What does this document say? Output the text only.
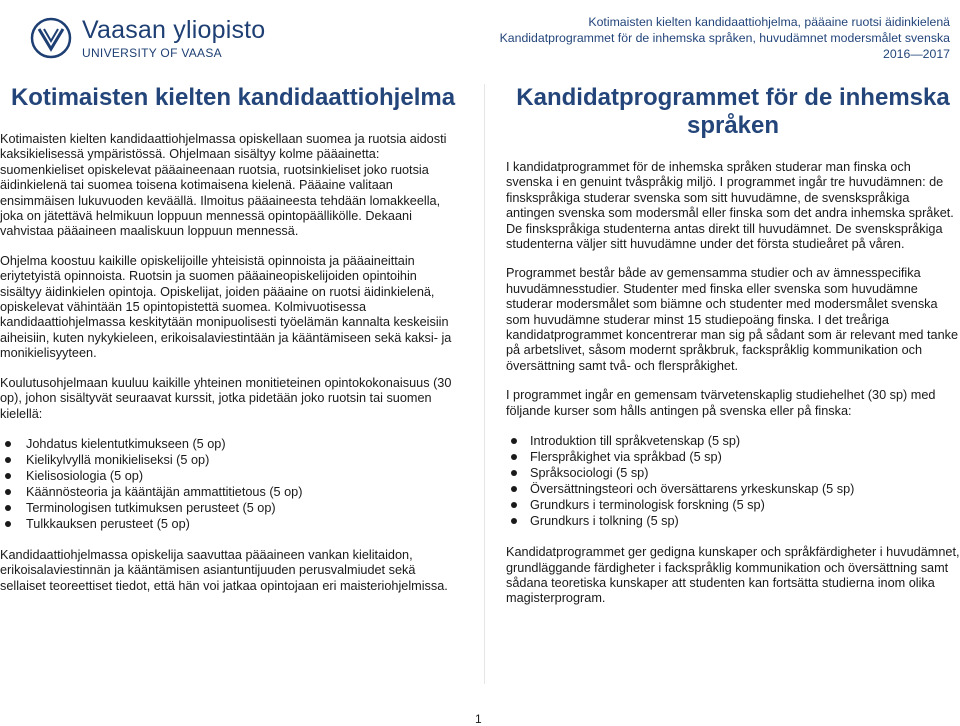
Vaasan yliopisto
UNIVERSITY OF VAASA
Kotimaisten kielten kandidaattiohjelma, pääaine ruotsi äidinkielenä
Kandidatprogrammet för de inhemska språken, huvudämnet modersmålet svenska
2016—2017
Kotimaisten kielten kandidaattiohjelma

Kotimaisten kielten kandidaattiohjelmassa opiskellaan suomea ja ruotsia aidosti kaksikielisessä ympäristössä. Ohjelmaan sisältyy kolme pääainetta: suomenkieliset opiskelevat pääaineenaan ruotsia, ruotsinkieliset joko ruotsia äidinkielenä tai suomea toisena kotimaisena kielenä. Pääaine valitaan ensimmäisen lukuvuoden keväällä. Ilmoitus pääaineesta tehdään lomakkeella, joka on jätettävä helmikuun loppuun mennessä opintopäällikölle. Dekaani vahvistaa pääaineen maaliskuun loppuun mennessä.

Ohjelma koostuu kaikille opiskelijoille yhteisistä opinnoista ja pääaineittain eriytetyistä opinnoista. Ruotsin ja suomen pääaineopiskelijoiden opintoihin sisältyy äidinkielen opintoja. Opiskelijat, joiden pääaine on ruotsi äidinkielenä, opiskelevat vähintään 15 opintopistettä suomea. Kolmivuotisessa kandidaattiohjelmassa keskitytään monipuolisesti työelämän kannalta keskeisiin aiheisiin, kuten nykykieleen, erikoisalaviestintään ja kääntämiseen sekä kaksi- ja monikielisyyteen.

Koulutusohjelmaan kuuluu kaikille yhteinen monitieteinen opintokokonaisuus (30 op), johon sisältyvät seuraavat kurssit, jotka pidetään joko ruotsin tai suomen kielellä:

Johdatus kielentutkimukseen (5 op)
Kielikylvyllä monikieliseksi (5 op)
Kielisosiologia (5 op)
Käännösteoria ja kääntäjän ammattitietous (5 op)
Terminologisen tutkimuksen perusteet (5 op)
Tulkkauksen perusteet (5 op)

Kandidaattiohjelmassa opiskelija saavuttaa pääaineen vankan kielitaidon, erikoisalaviestinnän ja kääntämisen asiantuntijuuden perusvalmiudet sekä sellaiset teoreettiset tiedot, että hän voi jatkaa opintojaan eri maisteriohjelmissa.

Kandidatprogrammet för de inhemska språken

I kandidatprogrammet för de inhemska språken studerar man finska och svenska i en genuint tvåspråkig miljö. I programmet ingår tre huvudämnen: de finskspråkiga studerar svenska som sitt huvudämne, de svenskspråkiga antingen svenska som modersmål eller finska som det andra inhemska språket. De finskspråkiga studenterna antas direkt till huvudämnet. De svenskspråkiga studenterna väljer sitt huvudämne under det första studieåret på våren.

Programmet består både av gemensamma studier och av ämnesspecifika huvudämnesstudier. Studenter med finska eller svenska som huvudämne studerar modersmålet som biämne och studenter med modersmålet svenska som huvudämne studerar minst 15 studiepoäng finska. I det treåriga kandidatprogrammet koncentrerar man sig på sådant som är relevant med tanke på arbetslivet, såsom modernt språkbruk, fackspråklig kommunikation och översättning samt två- och flerspråkighet.

I programmet ingår en gemensam tvärvetenskaplig studiehelhet (30 sp) med följande kurser som hålls antingen på svenska eller på finska:

Introduktion till språkvetenskap (5 sp)
Flerspråkighet via språkbad (5 sp)
Språksociologi (5 sp)
Översättningsteori och översättarens yrkeskunskap (5 sp)
Grundkurs i terminologisk forskning (5 sp)
Grundkurs i tolkning (5 sp)

Kandidatprogrammet ger gedigna kunskaper och språkfärdigheter i huvudämnet, grundläggande färdigheter i fackspråklig kommunikation och översättning samt sådana teoretiska kunskaper att studenten kan fortsätta studierna inom olika magisterprogram.

1
